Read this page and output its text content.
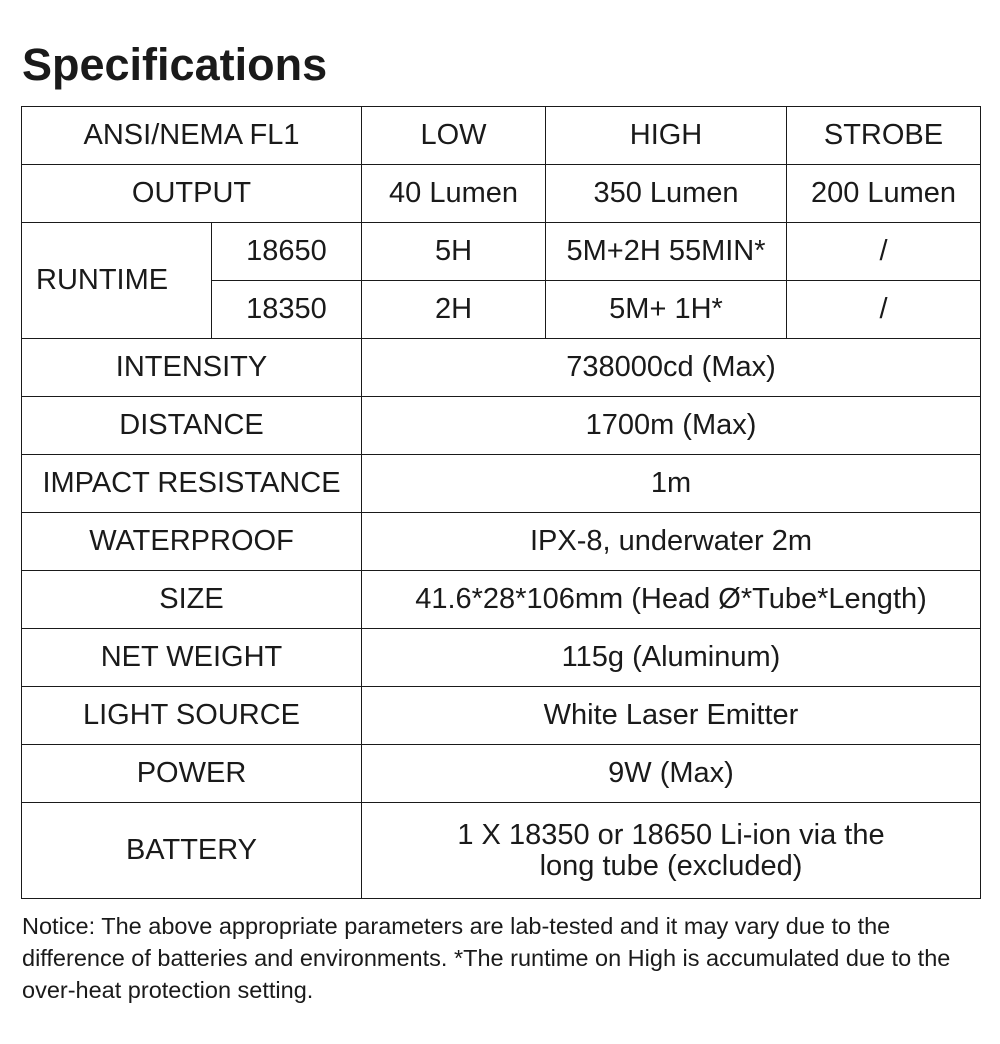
Specifications
ANSI/NEMA FL1		LOW	HIGH	STROBE
OUTPUT		40 Lumen	350 Lumen	200 Lumen
RUNTIME	18650	5H	5M+2H 55MIN*	/
	18350	2H	5M+ 1H*	/
INTENSITY		738000cd (Max)		
DISTANCE		1700m (Max)		
IMPACT RESISTANCE		1m		
WATERPROOF		IPX-8, underwater 2m		
SIZE		41.6*28*106mm (Head Ø*Tube*Length)		
NET WEIGHT		115g (Aluminum)		
LIGHT SOURCE		White Laser Emitter		
POWER		9W (Max)		
BATTERY		1 X 18350 or 18650 Li-ion via the
long tube (excluded)		

Notice: The above appropriate parameters are lab-tested and it may vary due to the difference of batteries and environments. *The runtime on High is accumulated due to the over-heat protection setting.
